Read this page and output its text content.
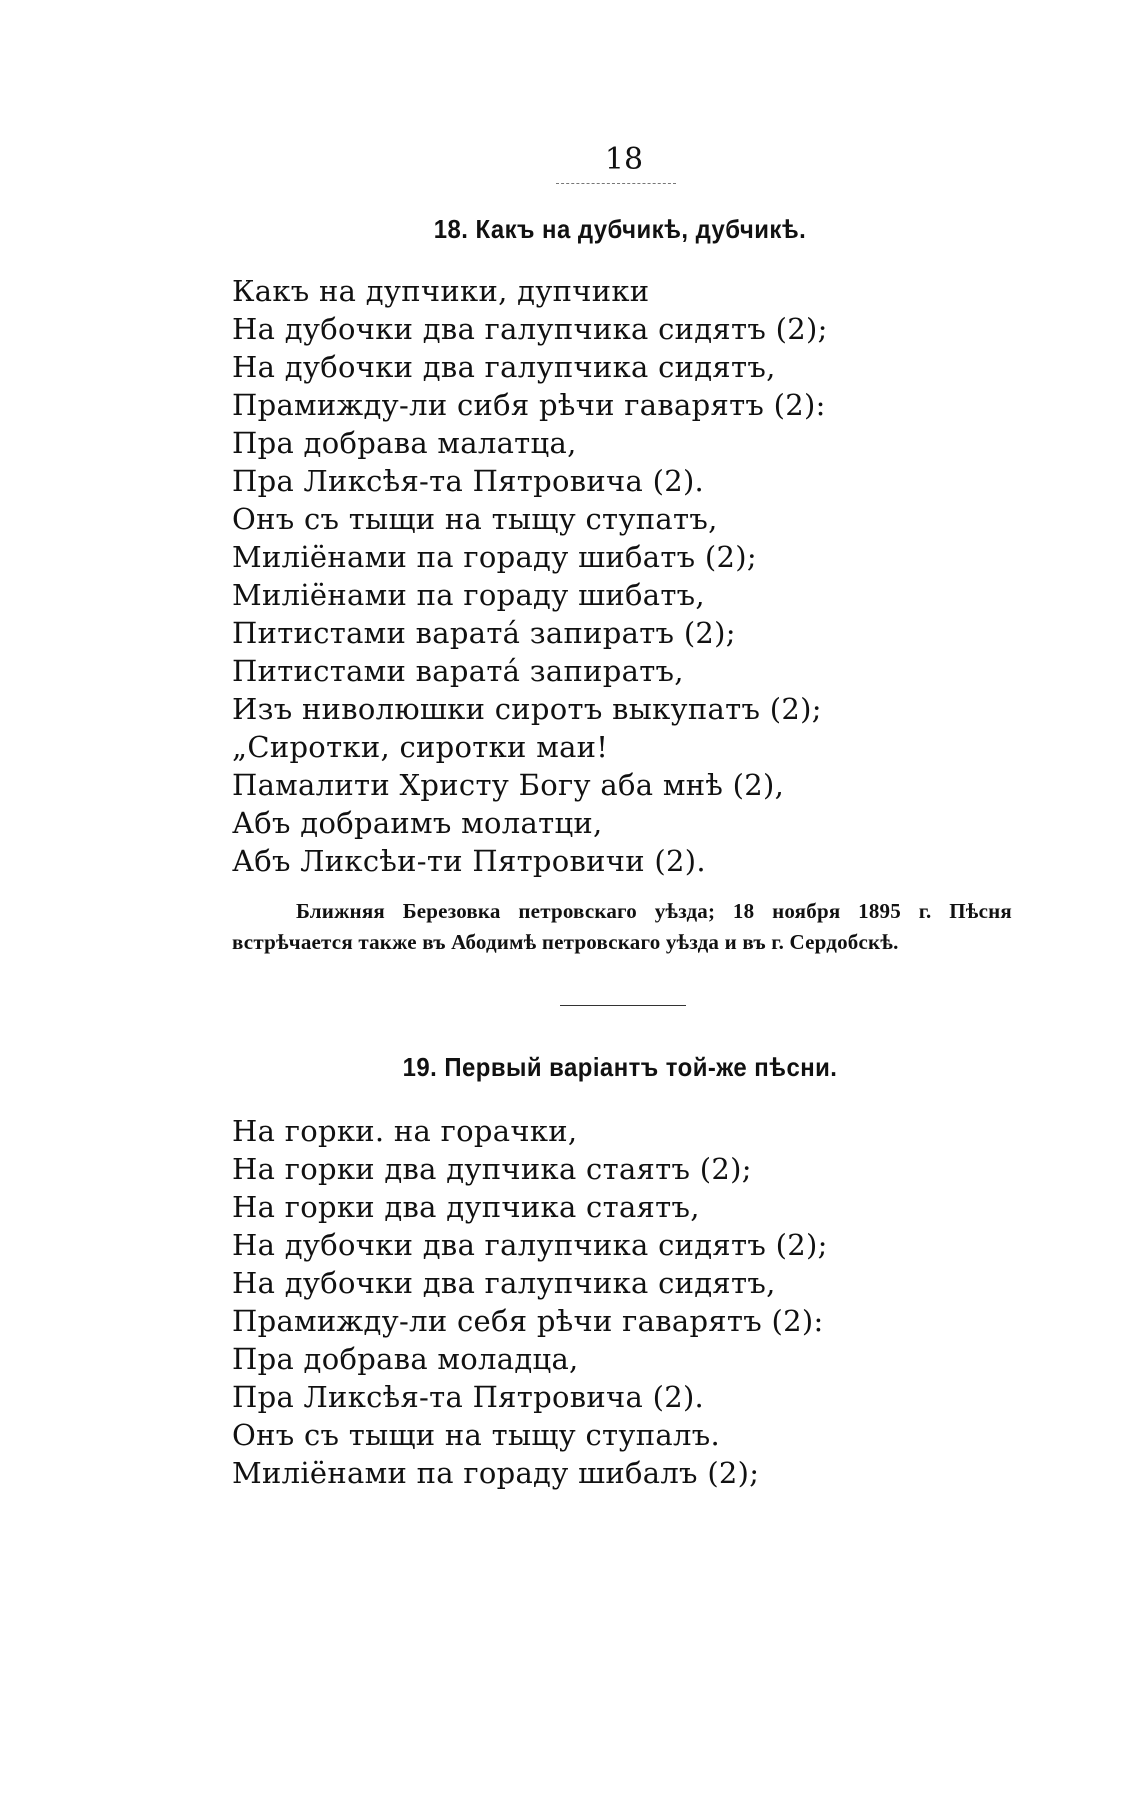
18
18. Какъ на дубчикѣ, дубчикѣ.
Какъ на дупчики, дупчики
На дубочки два галупчика сидятъ (2);
На дубочки два галупчика сидятъ,
Прамижду-ли сибя рѣчи гаварятъ (2):
Пра добрава малатца,
Пра Ликсѣя-та Пятровича (2).
Онъ съ тыщи на тыщу ступатъ,
Миліёнами па гораду шибатъ (2);
Миліёнами па гораду шибатъ,
Питистами варатá запиратъ (2);
Питистами варатá запиратъ,
Изъ ниволюшки сиротъ выкупатъ (2);
„Сиротки, сиротки маи!
Памалити Христу Богу аба мнѣ (2),
Абъ добраимъ молатци,
Абъ Ликсѣи-ти Пятровичи (2).

Ближняя Березовка петровскаго уѣзда; 18 ноября 1895 г. Пѣсня встрѣчается также въ Абодимѣ петровскаго уѣзда и въ г. Сердобскѣ.

19. Первый варіантъ той-же пѣсни.
На горки. на горачки,
На горки два дупчика стаятъ (2);
На горки два дупчика стаятъ,
На дубочки два галупчика сидятъ (2);
На дубочки два галупчика сидятъ,
Прамижду-ли себя рѣчи гаварятъ (2):
Пра добрава моладца,
Пра Ликсѣя-та Пятровича (2).
Онъ съ тыщи на тыщу ступалъ.
Миліёнами па гораду шибалъ (2);
